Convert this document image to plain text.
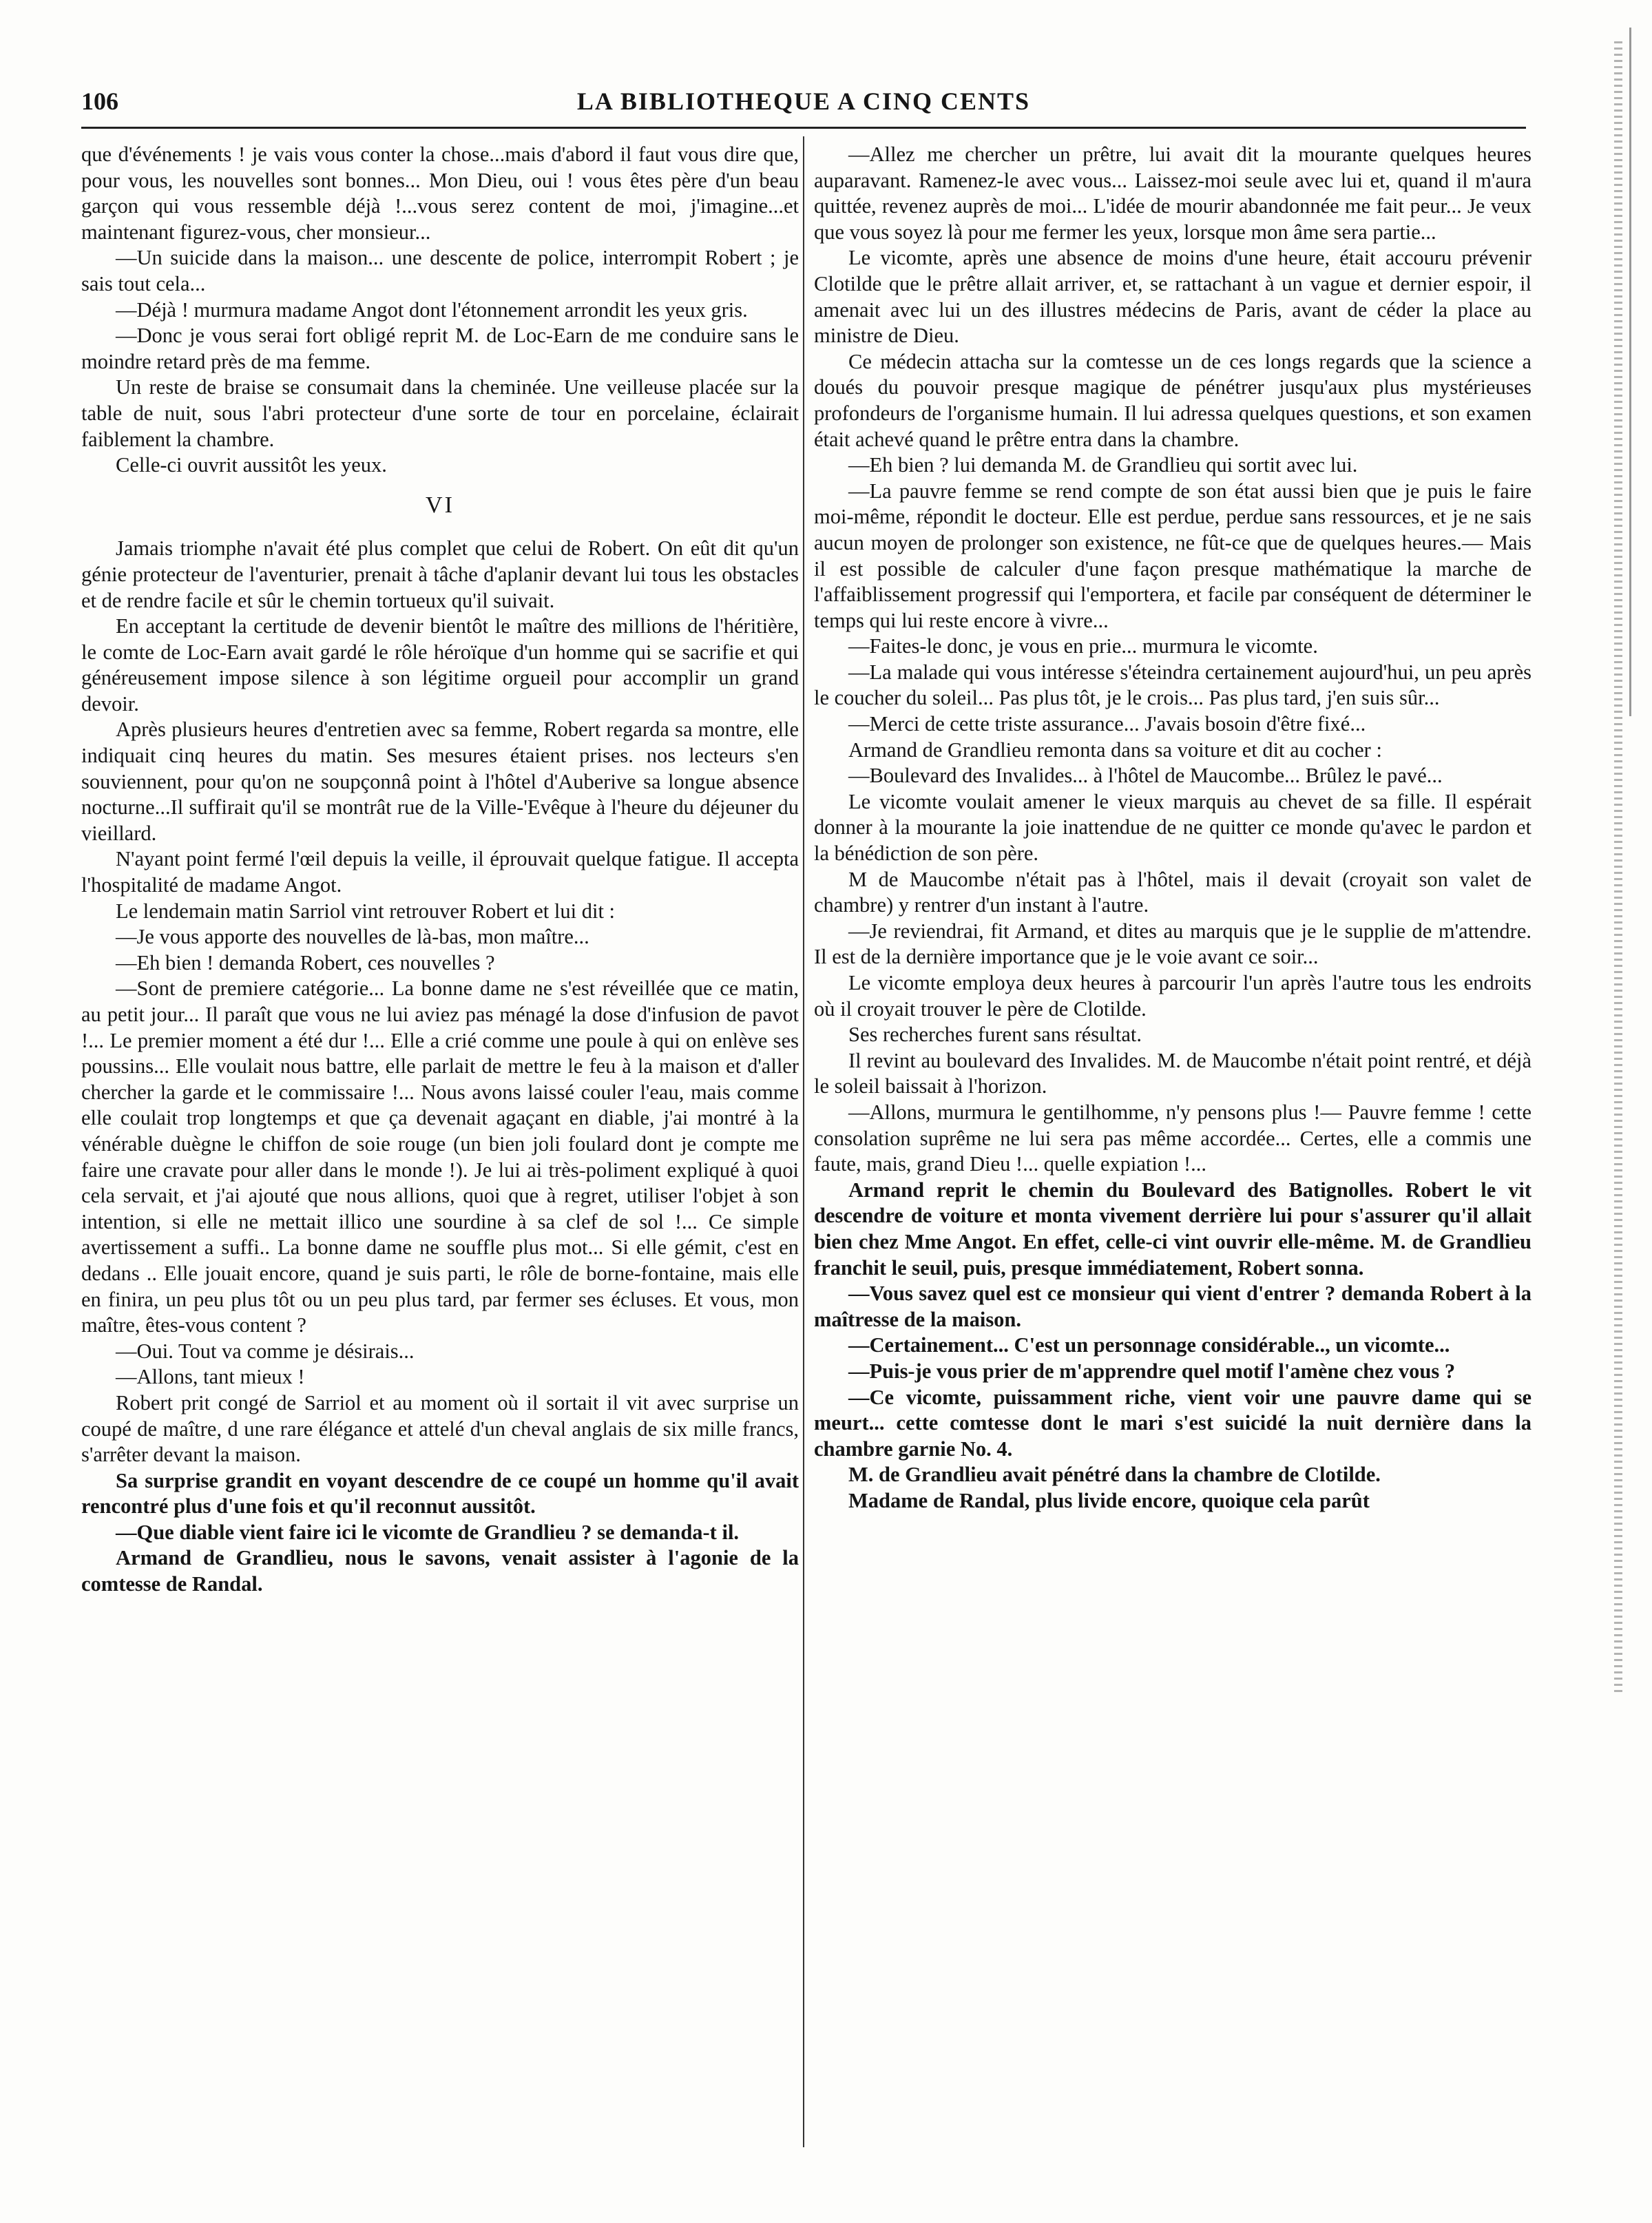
106	LA BIBLIOTHEQUE A CINQ CENTS

que d'événements ! je vais vous conter la chose...mais d'abord il faut vous dire que, pour vous, les nouvelles sont bonnes... Mon Dieu, oui ! vous êtes père d'un beau garçon qui vous ressemble déjà !...vous serez content de moi, j'imagine...et maintenant figurez-vous, cher monsieur...

—Un suicide dans la maison... une descente de police, interrompit Robert ; je sais tout cela...

—Déjà ! murmura madame Angot dont l'étonnement arrondit les yeux gris.

—Donc je vous serai fort obligé reprit M. de Loc-Earn de me conduire sans le moindre retard près de ma femme.

Un reste de braise se consumait dans la cheminée. Une veilleuse placée sur la table de nuit, sous l'abri protecteur d'une sorte de tour en porcelaine, éclairait faiblement la chambre.

Celle-ci ouvrit aussitôt les yeux.

VI

Jamais triomphe n'avait été plus complet que celui de Robert. On eût dit qu'un génie protecteur de l'aventurier, prenait à tâche d'aplanir devant lui tous les obstacles et de rendre facile et sûr le chemin tortueux qu'il suivait.

En acceptant la certitude de devenir bientôt le maître des millions de l'héritière, le comte de Loc-Earn avait gardé le rôle héroïque d'un homme qui se sacrifie et qui généreusement impose silence à son légitime orgueil pour accomplir un grand devoir.

Après plusieurs heures d'entretien avec sa femme, Robert regarda sa montre, elle indiquait cinq heures du matin. Ses mesures étaient prises. nos lecteurs s'en souviennent, pour qu'on ne soupçonnâ point à l'hôtel d'Auberive sa longue absence nocturne...Il suffirait qu'il se montrât rue de la Ville-'Evêque à l'heure du déjeuner du vieillard.

N'ayant point fermé l'œil depuis la veille, il éprouvait quelque fatigue. Il accepta l'hospitalité de madame Angot.

Le lendemain matin Sarriol vint retrouver Robert et lui dit :

—Je vous apporte des nouvelles de là-bas, mon maître...

—Eh bien ! demanda Robert, ces nouvelles ?

—Sont de premiere catégorie... La bonne dame ne s'est réveillée que ce matin, au petit jour... Il paraît que vous ne lui aviez pas ménagé la dose d'infusion de pavot !... Le premier moment a été dur !... Elle a crié comme une poule à qui on enlève ses poussins... Elle voulait nous battre, elle parlait de mettre le feu à la maison et d'aller chercher la garde et le commissaire !... Nous avons laissé couler l'eau, mais comme elle coulait trop longtemps et que ça devenait agaçant en diable, j'ai montré à la vénérable duègne le chiffon de soie rouge (un bien joli foulard dont je compte me faire une cravate pour aller dans le monde !). Je lui ai très-poliment expliqué à quoi cela servait, et j'ai ajouté que nous allions, quoi que à regret, utiliser l'objet à son intention, si elle ne mettait illico une sourdine à sa clef de sol !... Ce simple avertissement a suffi.. La bonne dame ne souffle plus mot... Si elle gémit, c'est en dedans .. Elle jouait encore, quand je suis parti, le rôle de borne-fontaine, mais elle en finira, un peu plus tôt ou un peu plus tard, par fermer ses écluses. Et vous, mon maître, êtes-vous content ?

—Oui. Tout va comme je désirais...

—Allons, tant mieux !

Robert prit congé de Sarriol et au moment où il sortait il vit avec surprise un coupé de maître, d une rare élégance et attelé d'un cheval anglais de six mille francs, s'arrêter devant la maison.

Sa surprise grandit en voyant descendre de ce coupé un homme qu'il avait rencontré plus d'une fois et qu'il reconnut aussitôt.

—Que diable vient faire ici le vicomte de Grandlieu ? se demanda-t il.

Armand de Grandlieu, nous le savons, venait assister à l'agonie de la comtesse de Randal.

—Allez me chercher un prêtre, lui avait dit la mourante quelques heures auparavant. Ramenez-le avec vous... Laissez-moi seule avec lui et, quand il m'aura quittée, revenez auprès de moi... L'idée de mourir abandonnée me fait peur... Je veux que vous soyez là pour me fermer les yeux, lorsque mon âme sera partie...

Le vicomte, après une absence de moins d'une heure, était accouru prévenir Clotilde que le prêtre allait arriver, et, se rattachant à un vague et dernier espoir, il amenait avec lui un des illustres médecins de Paris, avant de céder la place au ministre de Dieu.

Ce médecin attacha sur la comtesse un de ces longs regards que la science a doués du pouvoir presque magique de pénétrer jusqu'aux plus mystérieuses profondeurs de l'organisme humain. Il lui adressa quelques questions, et son examen était achevé quand le prêtre entra dans la chambre.

—Eh bien ? lui demanda M. de Grandlieu qui sortit avec lui.

—La pauvre femme se rend compte de son état aussi bien que je puis le faire moi-même, répondit le docteur. Elle est perdue, perdue sans ressources, et je ne sais aucun moyen de prolonger son existence, ne fût-ce que de quelques heures.— Mais il est possible de calculer d'une façon presque mathématique la marche de l'affaiblissement progressif qui l'emportera, et facile par conséquent de déterminer le temps qui lui reste encore à vivre...

—Faites-le donc, je vous en prie... murmura le vicomte.

—La malade qui vous intéresse s'éteindra certainement aujourd'hui, un peu après le coucher du soleil... Pas plus tôt, je le crois... Pas plus tard, j'en suis sûr...

—Merci de cette triste assurance... J'avais bosoin d'être fixé...

Armand de Grandlieu remonta dans sa voiture et dit au cocher :

—Boulevard des Invalides... à l'hôtel de Maucombe... Brûlez le pavé...

Le vicomte voulait amener le vieux marquis au chevet de sa fille. Il espérait donner à la mourante la joie inattendue de ne quitter ce monde qu'avec le pardon et la bénédiction de son père.

M de Maucombe n'était pas à l'hôtel, mais il devait (croyait son valet de chambre) y rentrer d'un instant à l'autre.

—Je reviendrai, fit Armand, et dites au marquis que je le supplie de m'attendre. Il est de la dernière importance que je le voie avant ce soir...

Le vicomte employa deux heures à parcourir l'un après l'autre tous les endroits où il croyait trouver le père de Clotilde.

Ses recherches furent sans résultat.

Il revint au boulevard des Invalides. M. de Maucombe n'était point rentré, et déjà le soleil baissait à l'horizon.

—Allons, murmura le gentilhomme, n'y pensons plus !— Pauvre femme ! cette consolation suprême ne lui sera pas même accordée... Certes, elle a commis une faute, mais, grand Dieu !... quelle expiation !...

Armand reprit le chemin du Boulevard des Batignolles. Robert le vit descendre de voiture et monta vivement derrière lui pour s'assurer qu'il allait bien chez Mme Angot. En effet, celle-ci vint ouvrir elle-même. M. de Grandlieu franchit le seuil, puis, presque immédiatement, Robert sonna.

—Vous savez quel est ce monsieur qui vient d'entrer ? demanda Robert à la maîtresse de la maison.

—Certainement... C'est un personnage considérable.., un vicomte...

—Puis-je vous prier de m'apprendre quel motif l'amène chez vous ?

—Ce vicomte, puissamment riche, vient voir une pauvre dame qui se meurt... cette comtesse dont le mari s'est suicidé la nuit dernière dans la chambre garnie No. 4.

M. de Grandlieu avait pénétré dans la chambre de Clotilde.

Madame de Randal, plus livide encore, quoique cela parût
